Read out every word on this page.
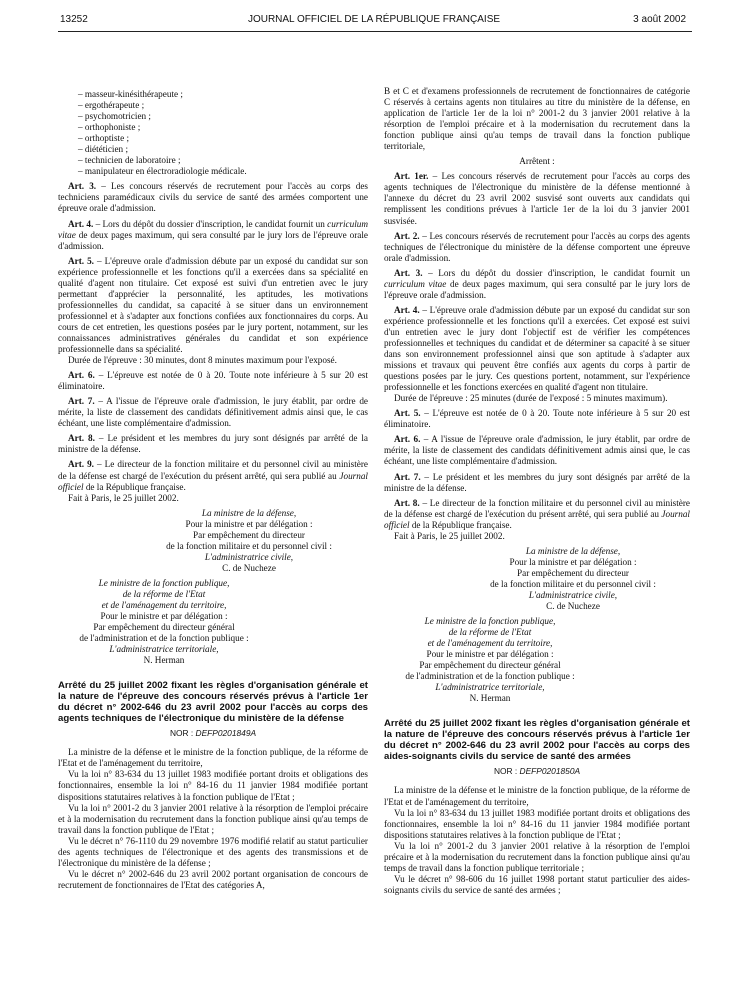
13252	JOURNAL OFFICIEL DE LA RÉPUBLIQUE FRANÇAISE	3 août 2002

– masseur-kinésithérapeute ;

– ergothérapeute ;

– psychomotricien ;

– orthophoniste ;

– orthoptiste ;

– diététicien ;

– technicien de laboratoire ;

– manipulateur en électroradiologie médicale.

Art. 3. – Les concours réservés de recrutement pour l'accès au corps des techniciens paramédicaux civils du service de santé des armées comportent une épreuve orale d'admission.

Art. 4. – Lors du dépôt du dossier d'inscription, le candidat fournit un curriculum vitae de deux pages maximum, qui sera consulté par le jury lors de l'épreuve orale d'admission.

Art. 5. – L'épreuve orale d'admission débute par un exposé du candidat sur son expérience professionnelle et les fonctions qu'il a exercées dans sa spécialité en qualité d'agent non titulaire. Cet exposé est suivi d'un entretien avec le jury permettant d'apprécier la personnalité, les aptitudes, les motivations professionnelles du candidat, sa capacité à se situer dans un environnement professionnel et à s'adapter aux fonctions confiées aux fonctionnaires du corps. Au cours de cet entretien, les questions posées par le jury portent, notamment, sur les connaissances administratives générales du candidat et son expérience professionnelle dans sa spécialité.

Durée de l'épreuve : 30 minutes, dont 8 minutes maximum pour l'exposé.

Art. 6. – L'épreuve est notée de 0 à 20. Toute note inférieure à 5 sur 20 est éliminatoire.

Art. 7. – A l'issue de l'épreuve orale d'admission, le jury établit, par ordre de mérite, la liste de classement des candidats définitivement admis ainsi que, le cas échéant, une liste complémentaire d'admission.

Art. 8. – Le président et les membres du jury sont désignés par arrêté de la ministre de la défense.

Art. 9. – Le directeur de la fonction militaire et du personnel civil au ministère de la défense est chargé de l'exécution du présent arrêté, qui sera publié au Journal officiel de la République française.

Fait à Paris, le 25 juillet 2002.

La ministre de la défense,

Pour la ministre et par délégation :

Par empêchement du directeur

de la fonction militaire et du personnel civil :

L'administratrice civile,

C. de Nucheze

Le ministre de la fonction publique,

de la réforme de l'Etat

et de l'aménagement du territoire,

Pour le ministre et par délégation :

Par empêchement du directeur général

de l'administration et de la fonction publique :

L'administratrice territoriale,

N. Herman

Arrêté du 25 juillet 2002 fixant les règles d'organisation générale et la nature de l'épreuve des concours réservés prévus à l'article 1er du décret n° 2002-646 du 23 avril 2002 pour l'accès au corps des agents techniques de l'électronique du ministère de la défense

NOR : DEFP0201849A

La ministre de la défense et le ministre de la fonction publique, de la réforme de l'Etat et de l'aménagement du territoire,

Vu la loi n° 83-634 du 13 juillet 1983 modifiée portant droits et obligations des fonctionnaires, ensemble la loi n° 84-16 du 11 janvier 1984 modifiée portant dispositions statutaires relatives à la fonction publique de l'Etat ;

Vu la loi n° 2001-2 du 3 janvier 2001 relative à la résorption de l'emploi précaire et à la modernisation du recrutement dans la fonction publique ainsi qu'au temps de travail dans la fonction publique de l'Etat ;

Vu le décret n° 76-1110 du 29 novembre 1976 modifié relatif au statut particulier des agents techniques de l'électronique et des agents des transmissions et de l'électronique du ministère de la défense ;

Vu le décret n° 2002-646 du 23 avril 2002 portant organisation de concours de recrutement de fonctionnaires de l'Etat des catégories A,

B et C et d'examens professionnels de recrutement de fonctionnaires de catégorie C réservés à certains agents non titulaires au titre du ministère de la défense, en application de l'article 1er de la loi n° 2001-2 du 3 janvier 2001 relative à la résorption de l'emploi précaire et à la modernisation du recrutement dans la fonction publique ainsi qu'au temps de travail dans la fonction publique territoriale,

Arrêtent :

Art. 1er. – Les concours réservés de recrutement pour l'accès au corps des agents techniques de l'électronique du ministère de la défense mentionné à l'annexe du décret du 23 avril 2002 susvisé sont ouverts aux candidats qui remplissent les conditions prévues à l'article 1er de la loi du 3 janvier 2001 susvisée.

Art. 2. – Les concours réservés de recrutement pour l'accès au corps des agents techniques de l'électronique du ministère de la défense comportent une épreuve orale d'admission.

Art. 3. – Lors du dépôt du dossier d'inscription, le candidat fournit un curriculum vitae de deux pages maximum, qui sera consulté par le jury lors de l'épreuve orale d'admission.

Art. 4. – L'épreuve orale d'admission débute par un exposé du candidat sur son expérience professionnelle et les fonctions qu'il a exercées. Cet exposé est suivi d'un entretien avec le jury dont l'objectif est de vérifier les compétences professionnelles et techniques du candidat et de déterminer sa capacité à se situer dans son environnement professionnel ainsi que son aptitude à s'adapter aux missions et travaux qui peuvent être confiés aux agents du corps à partir de questions posées par le jury. Ces questions portent, notamment, sur l'expérience professionnelle et les fonctions exercées en qualité d'agent non titulaire.

Durée de l'épreuve : 25 minutes (durée de l'exposé : 5 minutes maximum).

Art. 5. – L'épreuve est notée de 0 à 20. Toute note inférieure à 5 sur 20 est éliminatoire.

Art. 6. – A l'issue de l'épreuve orale d'admission, le jury établit, par ordre de mérite, la liste de classement des candidats définitivement admis ainsi que, le cas échéant, une liste complémentaire d'admission.

Art. 7. – Le président et les membres du jury sont désignés par arrêté de la ministre de la défense.

Art. 8. – Le directeur de la fonction militaire et du personnel civil au ministère de la défense est chargé de l'exécution du présent arrêté, qui sera publié au Journal officiel de la République française.

Fait à Paris, le 25 juillet 2002.

La ministre de la défense,

Pour la ministre et par délégation :

Par empêchement du directeur

de la fonction militaire et du personnel civil :

L'administratrice civile,

C. de Nucheze

Le ministre de la fonction publique,

de la réforme de l'Etat

et de l'aménagement du territoire,

Pour le ministre et par délégation :

Par empêchement du directeur général

de l'administration et de la fonction publique :

L'administratrice territoriale,

N. Herman

Arrêté du 25 juillet 2002 fixant les règles d'organisation générale et la nature de l'épreuve des concours réservés prévus à l'article 1er du décret n° 2002-646 du 23 avril 2002 pour l'accès au corps des aides-soignants civils du service de santé des armées

NOR : DEFP0201850A

La ministre de la défense et le ministre de la fonction publique, de la réforme de l'Etat et de l'aménagement du territoire,

Vu la loi n° 83-634 du 13 juillet 1983 modifiée portant droits et obligations des fonctionnaires, ensemble la loi n° 84-16 du 11 janvier 1984 modifiée portant dispositions statutaires relatives à la fonction publique de l'Etat ;

Vu la loi n° 2001-2 du 3 janvier 2001 relative à la résorption de l'emploi précaire et à la modernisation du recrutement dans la fonction publique ainsi qu'au temps de travail dans la fonction publique territoriale ;

Vu le décret n° 98-606 du 16 juillet 1998 portant statut particulier des aides-soignants civils du service de santé des armées ;
